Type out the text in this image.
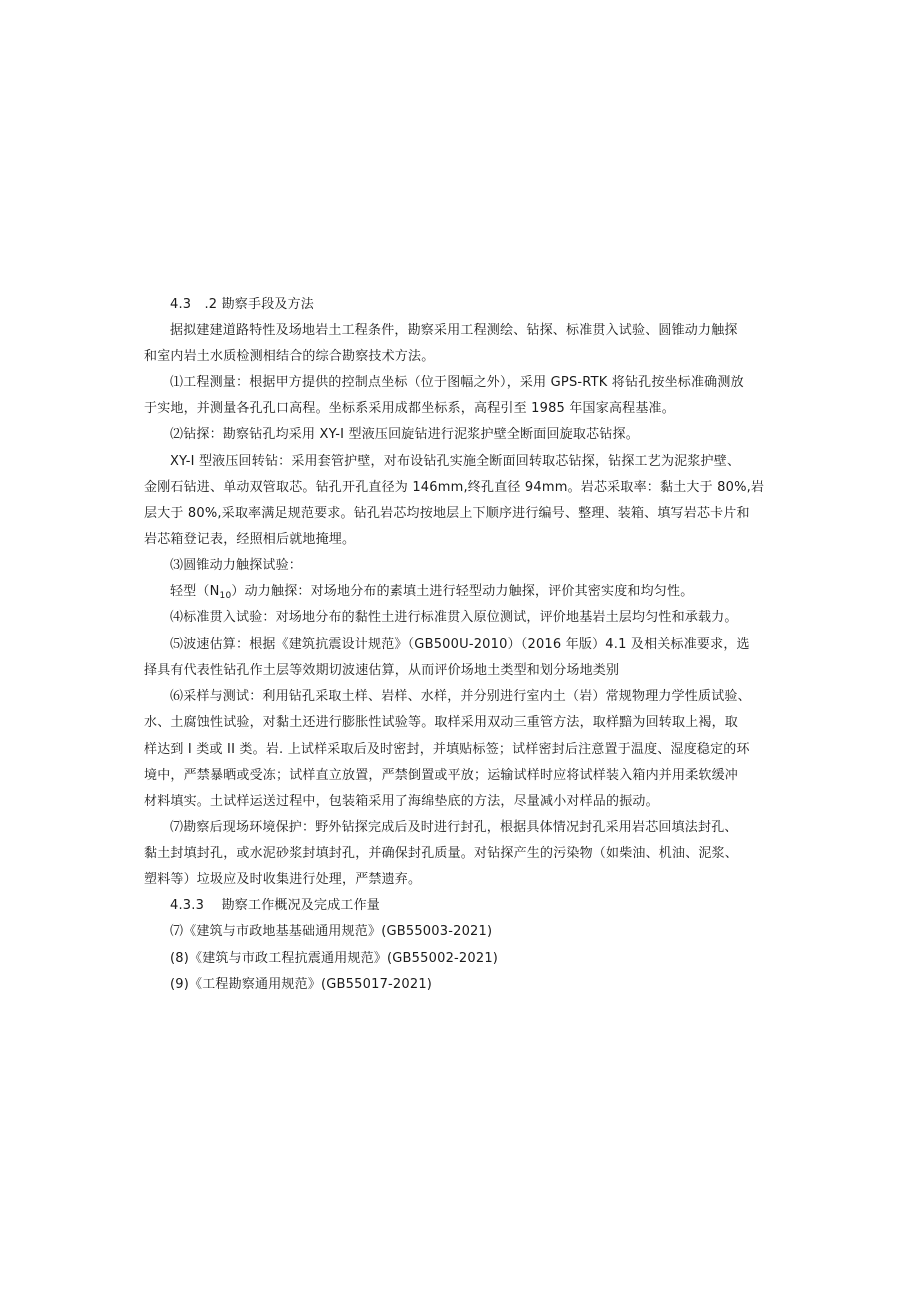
4.3　.2 勘察手段及方法
据拟建建道路特性及场地岩土工程条件，勘察采用工程测绘、钻探、标准贯入试验、圆锥动力触探
和室内岩土水质检测相结合的综合勘察技术方法。
⑴工程测量：根据甲方提供的控制点坐标（位于图幅之外），采用 GPS-RTK 将钻孔按坐标准确测放
于实地，并测量各孔孔口高程。坐标系采用成都坐标系，高程引至 1985 年国家高程基准。
⑵钻探：勘察钻孔均采用 XY-I 型液压回旋钻进行泥浆护壁全断面回旋取芯钻探。
XY-I 型液压回转钻：采用套管护壁，对布设钻孔实施全断面回转取芯钻探，钻探工艺为泥浆护壁、
金刚石钻进、单动双管取芯。钻孔开孔直径为 146mm,终孔直径 94mm。岩芯采取率：黏土大于 80%,岩
层大于 80%,采取率满足规范要求。钻孔岩芯均按地层上下顺序进行编号、整理、装箱、填写岩芯卡片和
岩芯箱登记表，经照相后就地掩埋。
⑶圆锥动力触探试验：
轻型$(N_{10})$动力触探：对场地分布的素填土进行轻型动力触探，评价其密实度和均匀性。
⑷标准贯入试验：对场地分布的黏性土进行标准贯入原位测试，评价地基岩土层均匀性和承载力。
⑸波速估算：根据《建筑抗震设计规范》（GB500U-2010）（2016 年版）4.1 及相关标准要求，选
择具有代表性钻孔作土层等效期切波速估算，从而评价场地土类型和划分场地类别
⑹采样与测试：利用钻孔采取土样、岩样、水样，并分别进行室内土（岩）常规物理力学性质试验、
水、土腐蚀性试验，对黏土还进行膨胀性试验等。取样采用双动三重管方法，取样黯为回转取上褐，取
样达到 I 类或 II 类。岩. 上试样采取后及时密封，并填贴标签；试样密封后注意置于温度、湿度稳定的环
境中，严禁暴晒或受冻；试样直立放置，严禁倒置或平放；运输试样时应将试样装入箱内并用柔软缓冲
材料填实。土试样运送过程中，包装箱采用了海绵垫底的方法，尽量减小对样品的振动。
⑺勘察后现场环境保护：野外钻探完成后及时进行封孔，根据具体情况封孔采用岩芯回填法封孔、
黏土封填封孔，或水泥砂浆封填封孔，并确保封孔质量。对钻探产生的污染物（如柴油、机油、泥浆、
塑料等）垃圾应及时收集进行处理，严禁遗弃。
4.3.3　 勘察工作概况及完成工作量
⑺《建筑与市政地基基础通用规范》(GB55003-2021)
(8)《建筑与市政工程抗震通用规范》(GB55002-2021)
(9)《工程勘察通用规范》(GB55017-2021)
